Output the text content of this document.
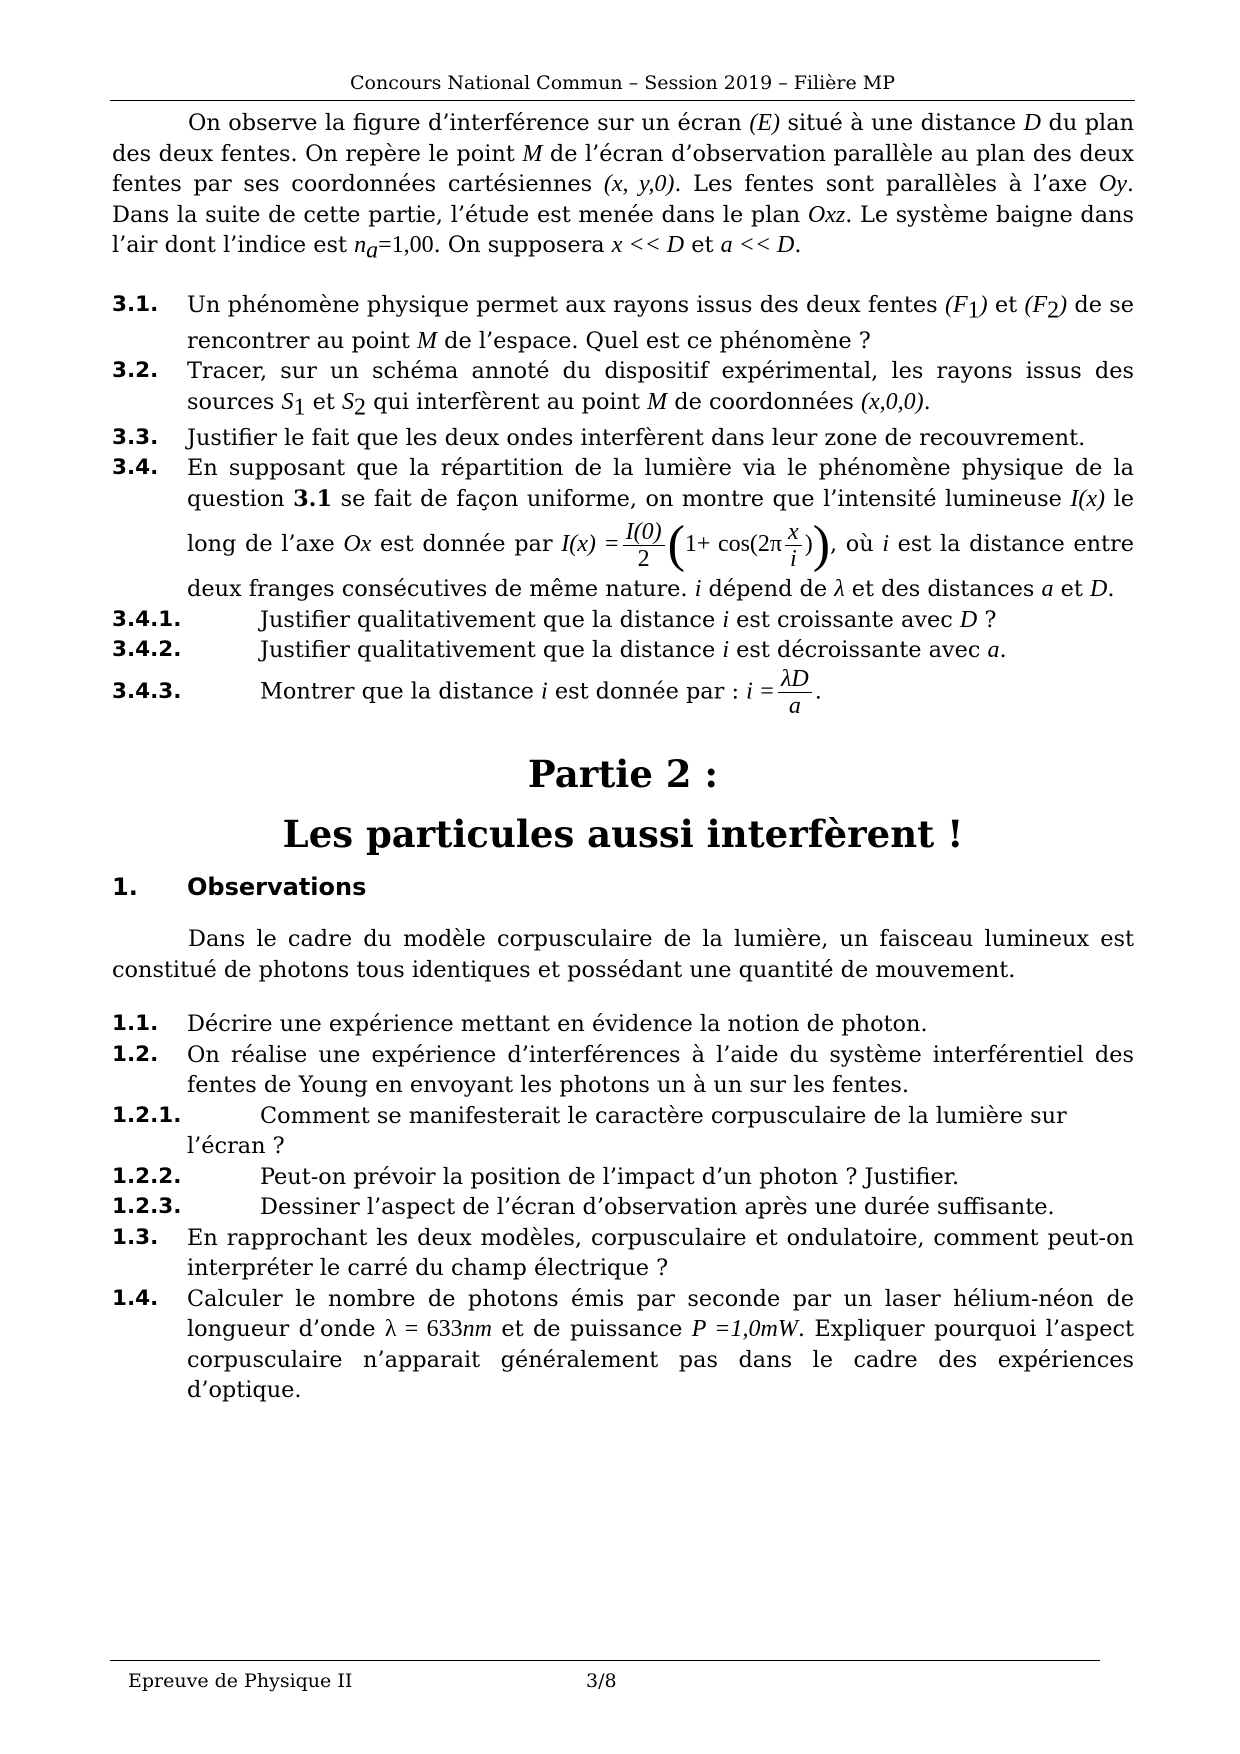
Concours National Commun – Session 2019 – Filière MP

On observe la figure d’interférence sur un écran (E) situé à une distance D du plan des deux fentes. On repère le point M de l’écran d’observation parallèle au plan des deux fentes par ses coordonnées cartésiennes (x, y,0). Les fentes sont parallèles à l’axe Oy. Dans la suite de cette partie, l’étude est menée dans le plan Oxz. Le système baigne dans l’air dont l’indice est $n_a=1,00$. On supposera x << D et a << D.

3.1.	Un phénomène physique permet aux rayons issus des deux fentes $(F_1)$ et $(F_2)$ de se rencontrer au point M de l’espace. Quel est ce phénomène ?
3.2.	Tracer, sur un schéma annoté du dispositif expérimental, les rayons issus des sources $S_1$ et $S_2$ qui interfèrent au point M de coordonnées (x,0,0).
3.3.	Justifier le fait que les deux ondes interfèrent dans leur zone de recouvrement.
3.4.	En supposant que la répartition de la lumière via le phénomène physique de la question 3.1 se fait de façon uniforme, on montre que l’intensité lumineuse I(x) le long de l’axe Ox est donnée par $I(x) = \frac{I(0)}{2} (1+ \cos(2\pi \frac{x}{i}$ )), où i est la distance entre deux franges consécutives de même nature. i dépend de λ et des distances a et D.
3.4.1.	Justifier qualitativement que la distance i est croissante avec D ?
3.4.2.	Justifier qualitativement que la distance i est décroissante avec a.
3.4.3.	Montrer que la distance i est donnée par : $i = \frac{\lambda D}{a}$ .
Partie 2 :
Les particules aussi interfèrent !
1.	Observations

Dans le cadre du modèle corpusculaire de la lumière, un faisceau lumineux est constitué de photons tous identiques et possédant une quantité de mouvement.

1.1.	Décrire une expérience mettant en évidence la notion de photon.
1.2.	On réalise une expérience d’interférences à l’aide du système interférentiel des fentes de Young en envoyant les photons un à un sur les fentes.
1.2.1.	Comment se manifesterait le caractère corpusculaire de la lumière sur
l’écran ?
1.2.2.	Peut-on prévoir la position de l’impact d’un photon ? Justifier.
1.2.3.	Dessiner l’aspect de l’écran d’observation après une durée suffisante.
1.3.	En rapprochant les deux modèles, corpusculaire et ondulatoire, comment peut-on interpréter le carré du champ électrique ?
1.4.	Calculer le nombre de photons émis par seconde par un laser hélium-néon de longueur d’onde λ = 633nm et de puissance P =1,0mW. Expliquer pourquoi l’aspect corpusculaire n’apparait généralement pas dans le cadre des expériences d’optique.
Epreuve de Physique II	3/8
